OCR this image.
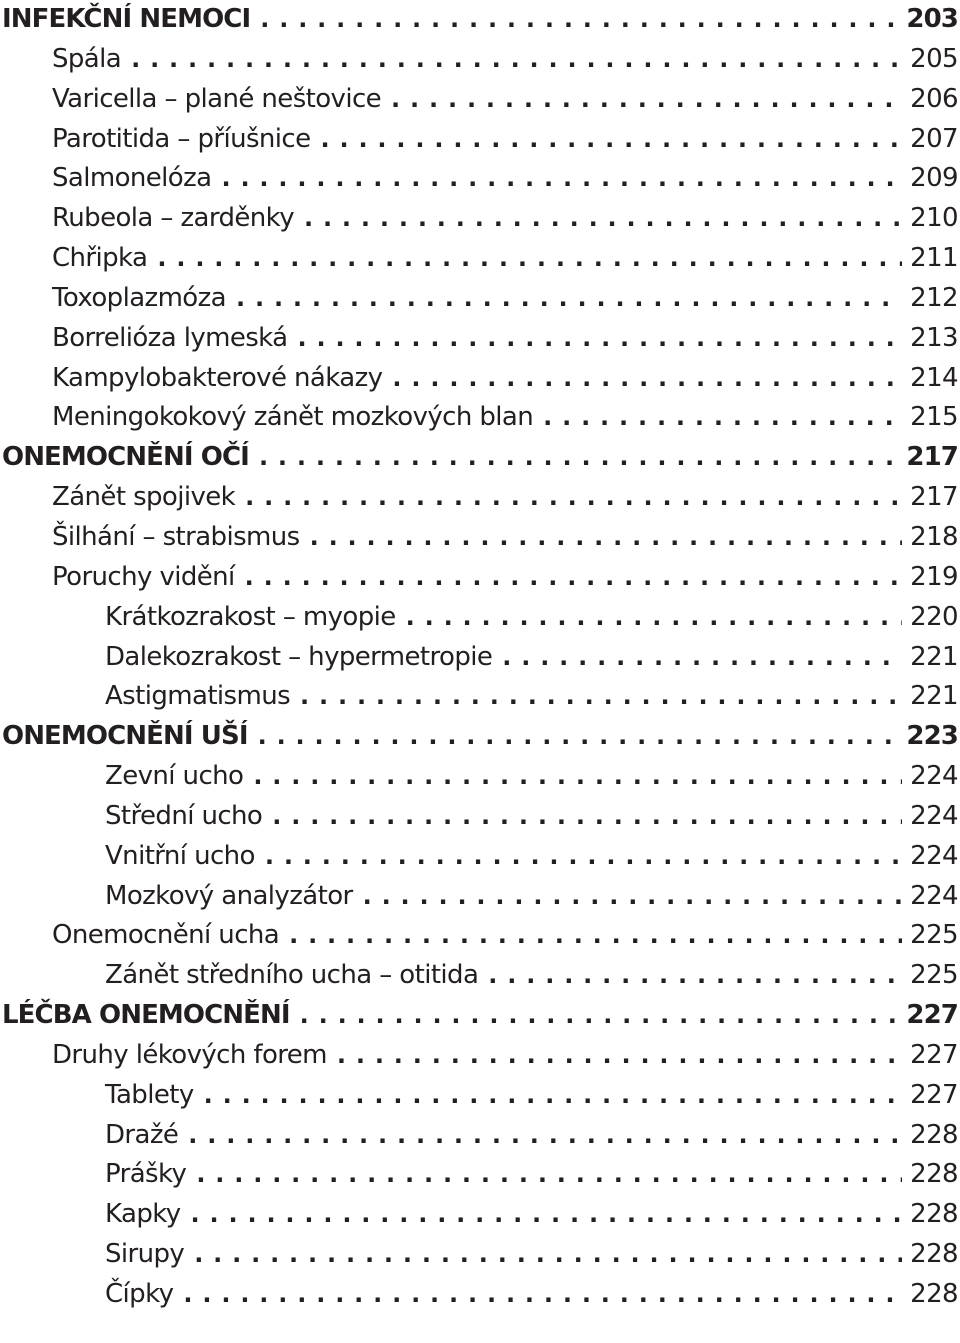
INFEKČNÍ NEMOCI . . .	203
Spála . . .	205
Varicella – plané neštovice . . .	206
Parotitida – příušnice . . .	207
Salmonelóza . . .	209
Rubeola – zarděnky . . .	210
Chřipka . . .	211
Toxoplazmóza . . .	212
Borrelióza lymeská . . .	213
Kampylobakterové nákazy . . .	214
Meningokokový zánět mozkových blan . . .	215
ONEMOCNĚNÍ OČÍ . . .	217
Zánět spojivek . . .	217
Šilhání – strabismus . . .	218
Poruchy vidění . . .	219
Krátkozrakost – myopie . . .	220
Dalekozrakost – hypermetropie . . .	221
Astigmatismus . . .	221
ONEMOCNĚNÍ UŠÍ . . .	223
Zevní ucho . . .	224
Střední ucho . . .	224
Vnitřní ucho . . .	224
Mozkový analyzátor . . .	224
Onemocnění ucha . . .	225
Zánět středního ucha – otitida . . .	225
LÉČBA ONEMOCNĚNÍ . . .	227
Druhy lékových forem . . .	227
Tablety . . .	227
Dražé . . .	228
Prášky . . .	228
Kapky . . .	228
Sirupy . . .	228
Čípky . . .	228
